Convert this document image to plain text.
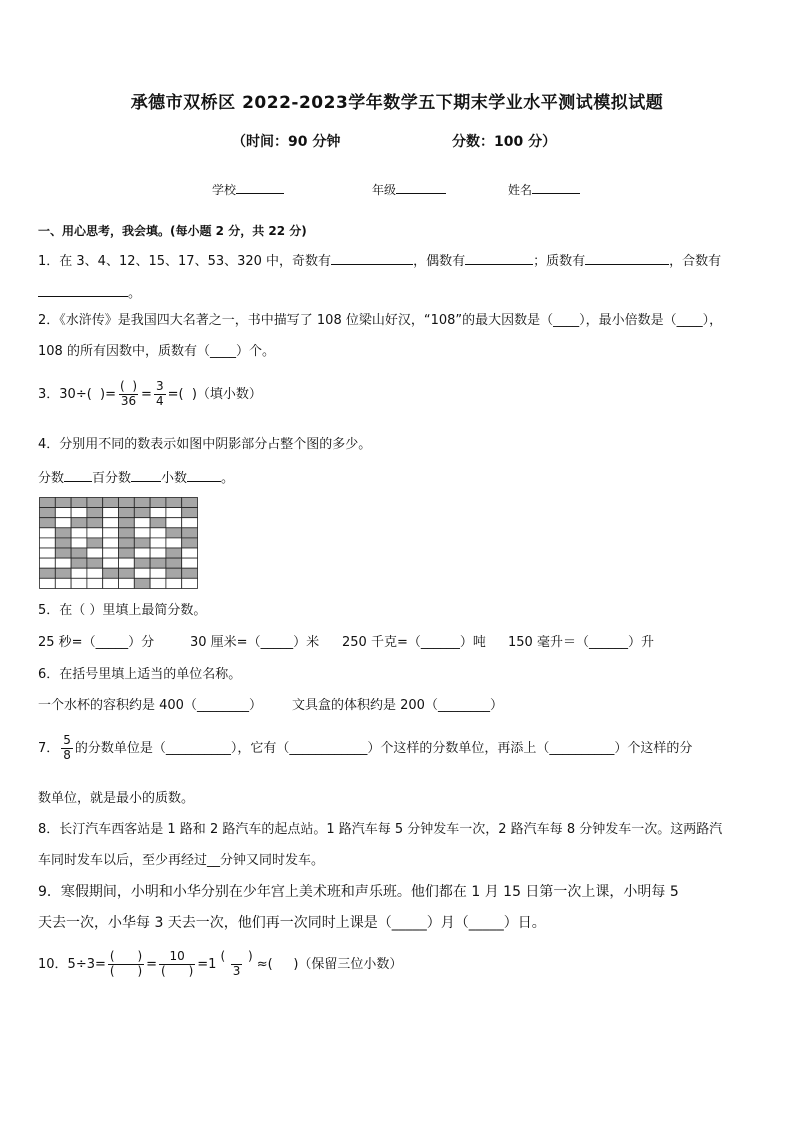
承德市双桥区 2022-2023学年数学五下期末学业水平测试模拟试题
（时间：90 分钟	分数：100 分）
学校	年级	姓名
一、用心思考，我会填。(每小题 2 分，共 22 分)
1．在 3、4、12、15、17、53、320 中，奇数有	，偶数有	；质数有	，合数有
。
2．《水浒传》是我国四大名著之一，书中描写了 108 位梁山好汉，“108”的最大因数是（____），最小倍数是（____），
108 的所有因数中，质数有（____）个。
3．30÷(  )= $\frac{( )}{36} = \frac{3}{4}$ =(  )（填小数）
4．分别用不同的数表示如图中阴影部分占整个图的多少。
分数 百分数 小数	。
5．在（ ）里填上最简分数。
25 秒=（_____）分	30 厘米=（_____）米 250 千克=（______）吨 150 毫升＝（______）升
6．在括号里填上适当的单位名称。
一个水杯的容积约是 400（________） 文具盒的体积约是 200（________）
7． $\frac{5}{8}$ 的分数单位是（__________），它有（____________）个这样的分数单位，再添上（__________）个这样的分
数单位，就是最小的质数。
8．长汀汽车西客站是 1 路和 2 路汽车的起点站。1 路汽车每 5 分钟发车一次，2 路汽车每 8 分钟发车一次。这两路汽
车同时发车以后，至少再经过__分钟又同时发车。
9．寒假期间，小明和小华分别在少年宫上美术班和声乐班。他们都在 1 月 15 日第一次上课，小明每 5
天去一次，小华每 3 天去一次，他们再一次同时上课是（_____）月（_____）日。
10．$5\div 3= \frac{( )}{( )} = \frac{10}{( )} =1 \frac{( )}{3}$ ≈(     )（保留三位小数）
